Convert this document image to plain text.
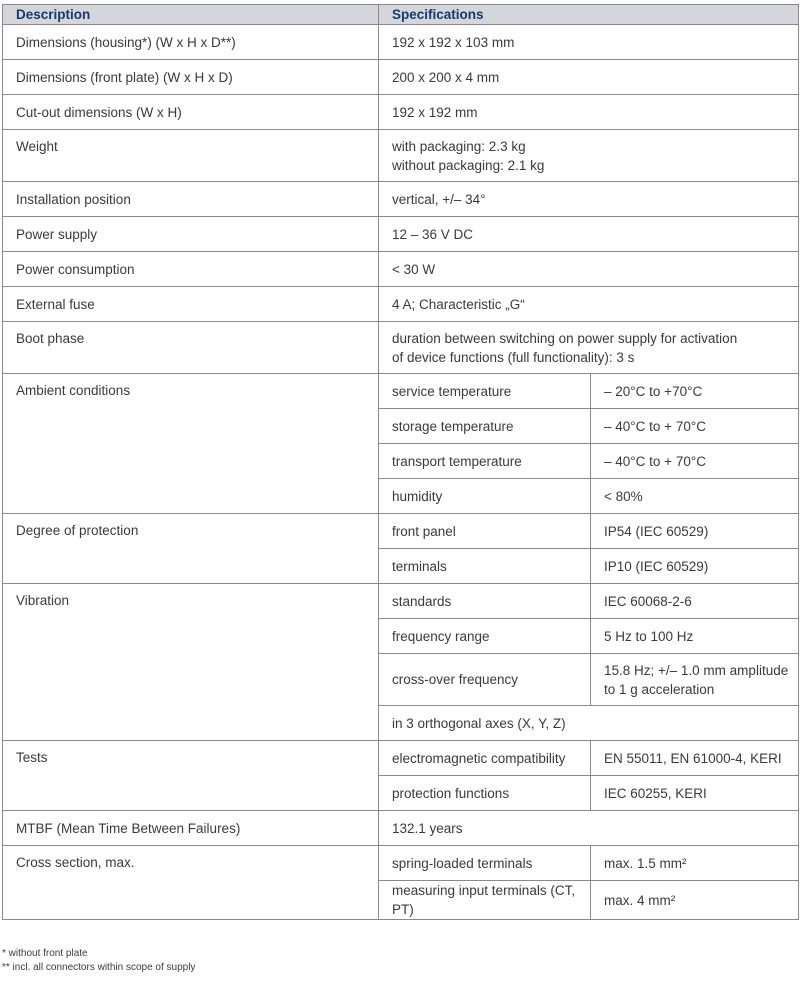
Description	Specifications	
Dimensions (housing*) (W x H x D**)	192 x 192 x 103 mm	
Dimensions (front plate) (W x H x D)	200 x 200 x 4 mm	
Cut-out dimensions (W x H)	192 x 192 mm	
Weight	with packaging: 2.3 kg
without packaging: 2.1 kg	

Installation position	vertical, +/– 34°	
Power supply	12 – 36 V DC	
Power consumption	< 30 W	
External fuse	4 A; Characteristic „G“	
Boot phase	duration between switching on power supply for activation
of device functions (full functionality): 3 s	

Ambient conditions	service temperature	– 20°C to +70°C
	storage temperature	– 40°C to + 70°C
	transport temperature	– 40°C to + 70°C
	humidity	< 80%
Degree of protection	front panel	IP54 (IEC 60529)
	terminals	IP10 (IEC 60529)
Vibration	standards	IEC 60068-2-6
	frequency range	5 Hz to 100 Hz
	cross-over frequency	15.8 Hz; +/– 1.0 mm amplitude
to 1 g acceleration

	in 3 orthogonal axes (X, Y, Z)	
Tests	electromagnetic compatibility	EN 55011, EN 61000-4, KERI
	protection functions	IEC 60255, KERI
MTBF (Mean Time Between Failures)	132.1 years	
Cross section, max.	spring-loaded terminals	max. 1.5 mm²
	measuring input terminals (CT, PT)	max. 4 mm²
* without front plate
** incl. all connectors within scope of supply
